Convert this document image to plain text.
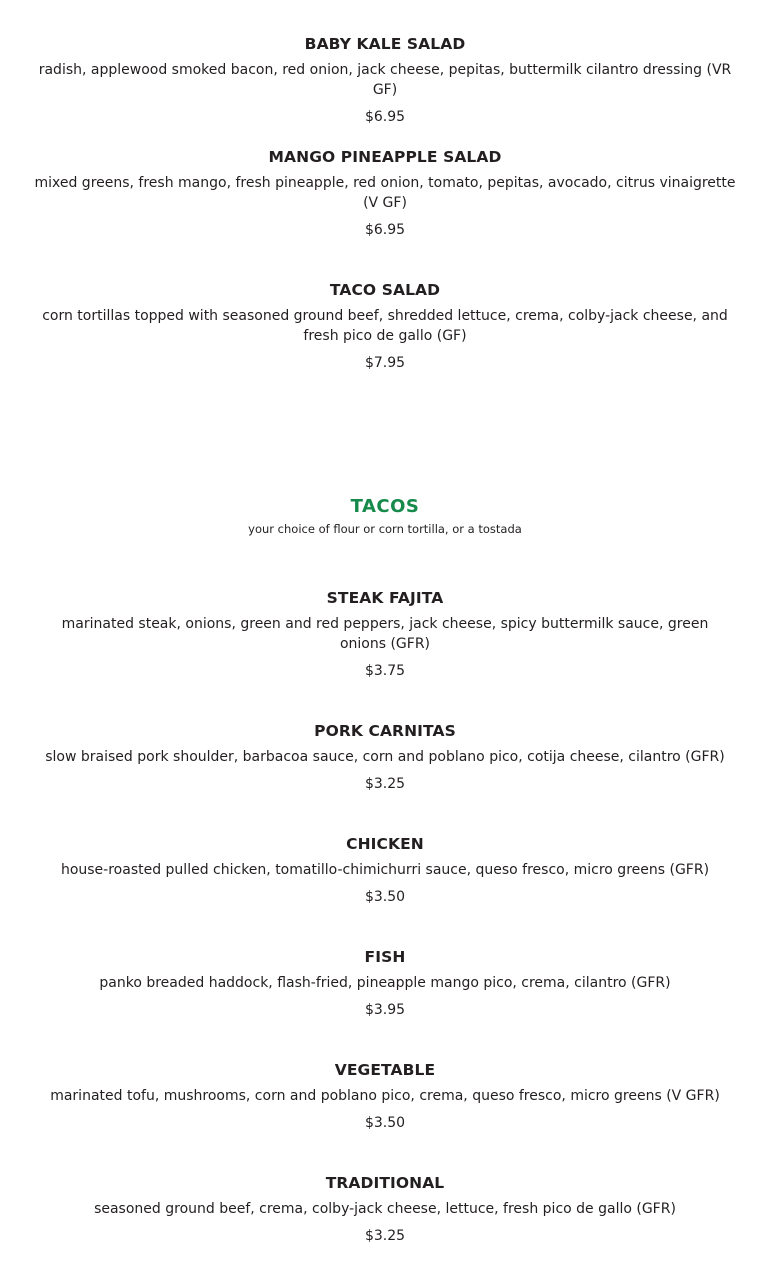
BABY KALE SALAD
radish, applewood smoked bacon, red onion, jack cheese, pepitas, buttermilk cilantro dressing (VR GF)
$6.95
MANGO PINEAPPLE SALAD
mixed greens, fresh mango, fresh pineapple, red onion, tomato, pepitas, avocado, citrus vinaigrette (V GF)
$6.95
TACO SALAD
corn tortillas topped with seasoned ground beef, shredded lettuce, crema, colby-jack cheese, and fresh pico de gallo (GF)
$7.95
TACOS
your choice of flour or corn tortilla, or a tostada
STEAK FAJITA
marinated steak, onions, green and red peppers, jack cheese, spicy buttermilk sauce, green onions (GFR)
$3.75
PORK CARNITAS
slow braised pork shoulder, barbacoa sauce, corn and poblano pico, cotija cheese, cilantro (GFR)
$3.25
CHICKEN
house-roasted pulled chicken, tomatillo-chimichurri sauce, queso fresco, micro greens (GFR)
$3.50
FISH
panko breaded haddock, flash-fried, pineapple mango pico, crema, cilantro (GFR)
$3.95
VEGETABLE
marinated tofu, mushrooms, corn and poblano pico, crema, queso fresco, micro greens (V GFR)
$3.50
TRADITIONAL
seasoned ground beef, crema, colby-jack cheese, lettuce, fresh pico de gallo (GFR)
$3.25
